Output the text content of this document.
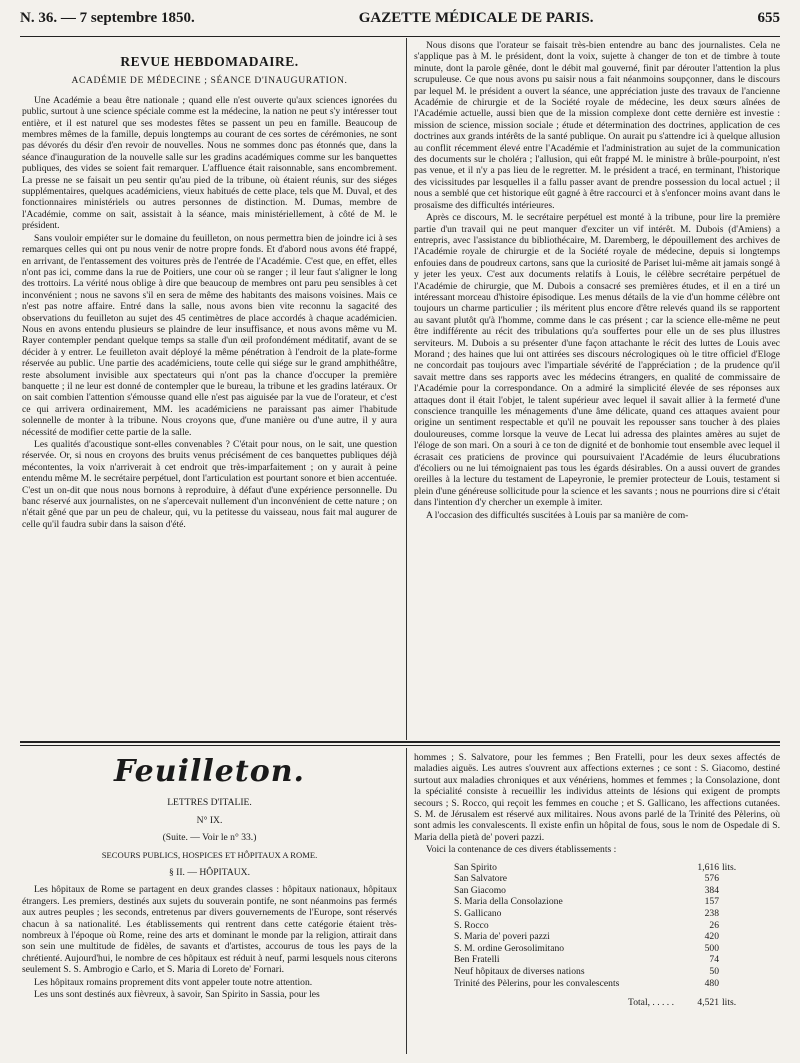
N. 36. — 7 septembre 1850.	GAZETTE MÉDICALE DE PARIS.	655
REVUE HEBDOMADAIRE.
ACADÉMIE DE MÉDECINE ; SÉANCE D'INAUGURATION.

Une Académie a beau être nationale ; quand elle n'est ouverte qu'aux sciences ignorées du public, surtout à une science spéciale comme est la médecine, la nation ne peut s'y intéresser tout entière, et il est naturel que ses modestes fêtes se passent un peu en famille. Beaucoup de membres mêmes de la famille, depuis longtemps au courant de ces sortes de cérémonies, ne sont pas dévorés du désir d'en revoir de nouvelles. Nous ne sommes donc pas étonnés que, dans la séance d'inauguration de la nouvelle salle sur les gradins académiques comme sur les banquettes publiques, des vides se soient fait remarquer. L'affluence était raisonnable, sans encombrement. La presse ne se faisait un peu sentir qu'au pied de la tribune, où étaient réunis, sur des siéges supplémentaires, quelques académiciens, vieux habitués de cette place, tels que M. Duval, et des fonctionnaires ministériels ou autres personnes de distinction. M. Dumas, membre de l'Académie, comme on sait, assistait à la séance, mais ministériellement, à côté de M. le président.

Sans vouloir empiéter sur le domaine du feuilleton, on nous permettra bien de joindre ici à ses remarques celles qui ont pu nous venir de notre propre fonds. Et d'abord nous avons été frappé, en arrivant, de l'entassement des voitures près de l'entrée de l'Académie. C'est que, en effet, elles n'ont pas ici, comme dans la rue de Poitiers, une cour où se ranger ; il leur faut s'aligner le long des trottoirs. La vérité nous oblige à dire que beaucoup de membres ont paru peu sensibles à cet inconvénient ; nous ne savons s'il en sera de même des habitants des maisons voisines. Mais ce n'est pas notre affaire. Entré dans la salle, nous avons bien vite reconnu la sagacité des observations du feuilleton au sujet des 45 centimètres de place accordés à chaque académicien. Nous en avons entendu plusieurs se plaindre de leur insuffisance, et nous avons même vu M. Rayer contempler pendant quelque temps sa stalle d'un œil profondément méditatif, avant de se décider à y entrer. Le feuilleton avait déployé la même pénétration à l'endroit de la plate-forme réservée au public. Une partie des académiciens, toute celle qui siége sur le grand amphithéâtre, reste absolument invisible aux spectateurs qui n'ont pas la chance d'occuper la première banquette ; il ne leur est donné de contempler que le bureau, la tribune et les gradins latéraux. Or on sait combien l'attention s'émousse quand elle n'est pas aiguisée par la vue de l'orateur, et c'est ce qui arrivera ordinairement, MM. les académiciens ne paraissant pas aimer l'habitude solennelle de monter à la tribune. Nous croyons que, d'une manière ou d'une autre, il y aura nécessité de modifier cette partie de la salle.

Les qualités d'acoustique sont-elles convenables ? C'était pour nous, on le sait, une question réservée. Or, si nous en croyons des bruits venus précisément de ces banquettes publiques déjà mécontentes, la voix n'arriverait à cet endroit que très-imparfaitement ; on y aurait à peine entendu même M. le secrétaire perpétuel, dont l'articulation est pourtant sonore et bien accentuée. C'est un on-dit que nous nous bornons à reproduire, à défaut d'une expérience personnelle. Du banc réservé aux journalistes, on ne s'apercevait nullement d'un inconvénient de cette nature ; on n'était gêné que par un peu de chaleur, qui, vu la petitesse du vaisseau, nous fait mal augurer de celle qu'il faudra subir dans la saison d'été.

Nous disons que l'orateur se faisait très-bien entendre au banc des journalistes. Cela ne s'applique pas à M. le président, dont la voix, sujette à changer de ton et de timbre à toute minute, dont la parole gênée, dont le débit mal gouverné, finit par dérouter l'attention la plus scrupuleuse. Ce que nous avons pu saisir nous a fait néanmoins soupçonner, dans le discours par lequel M. le président a ouvert la séance, une appréciation juste des travaux de l'ancienne Académie de chirurgie et de la Société royale de médecine, les deux sœurs aînées de l'Académie actuelle, aussi bien que de la mission complexe dont cette dernière est investie : mission de science, mission sociale ; étude et détermination des doctrines, application de ces doctrines aux grands intérêts de la santé publique. On aurait pu s'attendre ici à quelque allusion au conflit récemment élevé entre l'Académie et l'administration au sujet de la communication des documents sur le choléra ; l'allusion, qui eût frappé M. le ministre à brûle-pourpoint, n'est pas venue, et il n'y a pas lieu de le regretter. M. le président a tracé, en terminant, l'historique des vicissitudes par lesquelles il a fallu passer avant de prendre possession du local actuel ; il nous a semblé que cet historique eût gagné à être raccourci et à s'enfoncer moins avant dans le prosaïsme des difficultés intérieures.

Après ce discours, M. le secrétaire perpétuel est monté à la tribune, pour lire la première partie d'un travail qui ne peut manquer d'exciter un vif intérêt. M. Dubois (d'Amiens) a entrepris, avec l'assistance du bibliothécaire, M. Daremberg, le dépouillement des archives de l'Académie royale de chirurgie et de la Société royale de médecine, depuis si longtemps enfouies dans de poudreux cartons, sans que la curiosité de Pariset lui-même ait jamais songé à y jeter les yeux. C'est aux documents relatifs à Louis, le célèbre secrétaire perpétuel de l'Académie de chirurgie, que M. Dubois a consacré ses premières études, et il en a tiré un intéressant morceau d'histoire épisodique. Les menus détails de la vie d'un homme célèbre ont toujours un charme particulier ; ils méritent plus encore d'être relevés quand ils se rapportent au savant plutôt qu'à l'homme, comme dans le cas présent ; car la science elle-même ne peut être indifférente au récit des tribulations qu'a souffertes pour elle un de ses plus illustres serviteurs. M. Dubois a su présenter d'une façon attachante le récit des luttes de Louis avec Morand ; des haines que lui ont attirées ses discours nécrologiques où le titre officiel d'Eloge ne concordait pas toujours avec l'impartiale sévérité de l'appréciation ; de la prudence qu'il savait mettre dans ses rapports avec les médecins étrangers, en qualité de commissaire de l'Académie pour la correspondance. On a admiré la simplicité élevée de ses réponses aux attaques dont il était l'objet, le talent supérieur avec lequel il savait allier à la fermeté d'une conscience tranquille les ménagements d'une âme délicate, quand ces attaques avaient pour origine un sentiment respectable et qu'il ne pouvait les repousser sans toucher à des plaies douloureuses, comme lorsque la veuve de Lecat lui adressa des plaintes amères au sujet de l'éloge de son mari. On a souri à ce ton de dignité et de bonhomie tout ensemble avec lequel il écrasait ces praticiens de province qui poursuivaient l'Académie de leurs élucubrations d'écoliers ou ne lui témoignaient pas tous les égards désirables. On a aussi ouvert de grandes oreilles à la lecture du testament de Lapeyronie, le premier protecteur de Louis, testament si plein d'une généreuse sollicitude pour la science et les savants ; nous ne pourrions dire si c'était dans l'intention d'y chercher un exemple à imiter.

A l'occasion des difficultés suscitées à Louis par sa manière de com-

Feuilleton.
LETTRES D'ITALIE.
N° IX.
(Suite. — Voir le n° 33.)
SECOURS PUBLICS, HOSPICES ET HÔPITAUX A ROME.
§ II. — HÔPITAUX.

Les hôpitaux de Rome se partagent en deux grandes classes : hôpitaux nationaux, hôpitaux étrangers. Les premiers, destinés aux sujets du souverain pontife, ne sont néanmoins pas fermés aux autres peuples ; les seconds, entretenus par divers gouvernements de l'Europe, sont réservés chacun à sa nationalité. Les établissements qui rentrent dans cette catégorie étaient très-nombreux à l'époque où Rome, reine des arts et dominant le monde par la religion, attirait dans son sein une multitude de fidèles, de savants et d'artistes, accourus de tous les pays de la chrétienté. Aujourd'hui, le nombre de ces hôpitaux est réduit à neuf, parmi lesquels nous citerons seulement S. S. Ambrogio e Carlo, et S. Maria di Loreto de' Fornari.

Les hôpitaux romains proprement dits vont appeler toute notre attention.

Les uns sont destinés aux fièvreux, à savoir, San Spirito in Sassia, pour les

hommes ; S. Salvatore, pour les femmes ; Ben Fratelli, pour les deux sexes affectés de maladies aiguës. Les autres s'ouvrent aux affections externes ; ce sont : S. Giacomo, destiné surtout aux maladies chroniques et aux vénériens, hommes et femmes ; la Consolazione, dont la spécialité consiste à recueillir les individus atteints de lésions qui exigent de prompts secours ; S. Rocco, qui reçoit les femmes en couche ; et S. Gallicano, les affections cutanées. S. M. de Jérusalem est réservé aux militaires. Nous avons parlé de la Trinité des Pèlerins, où sont admis les convalescents. Il existe enfin un hôpital de fous, sous le nom de Ospedale di S. Maria della pietà de' poveri pazzi.

Voici la contenance de ces divers établissements :

San Spirito	1,616	lits.
San Salvatore	576	
San Giacomo	384	
S. Maria della Consolazione	157	
S. Gallicano	238	
S. Rocco	26	
S. Maria de' poveri pazzi	420	
S. M. ordine Gerosolimitano	500	
Ben Fratelli	74	
Neuf hôpitaux de diverses nations	50	
Trinité des Pèlerins, pour les convalescents	480	
Total, . . . . .	4,521	lits.
